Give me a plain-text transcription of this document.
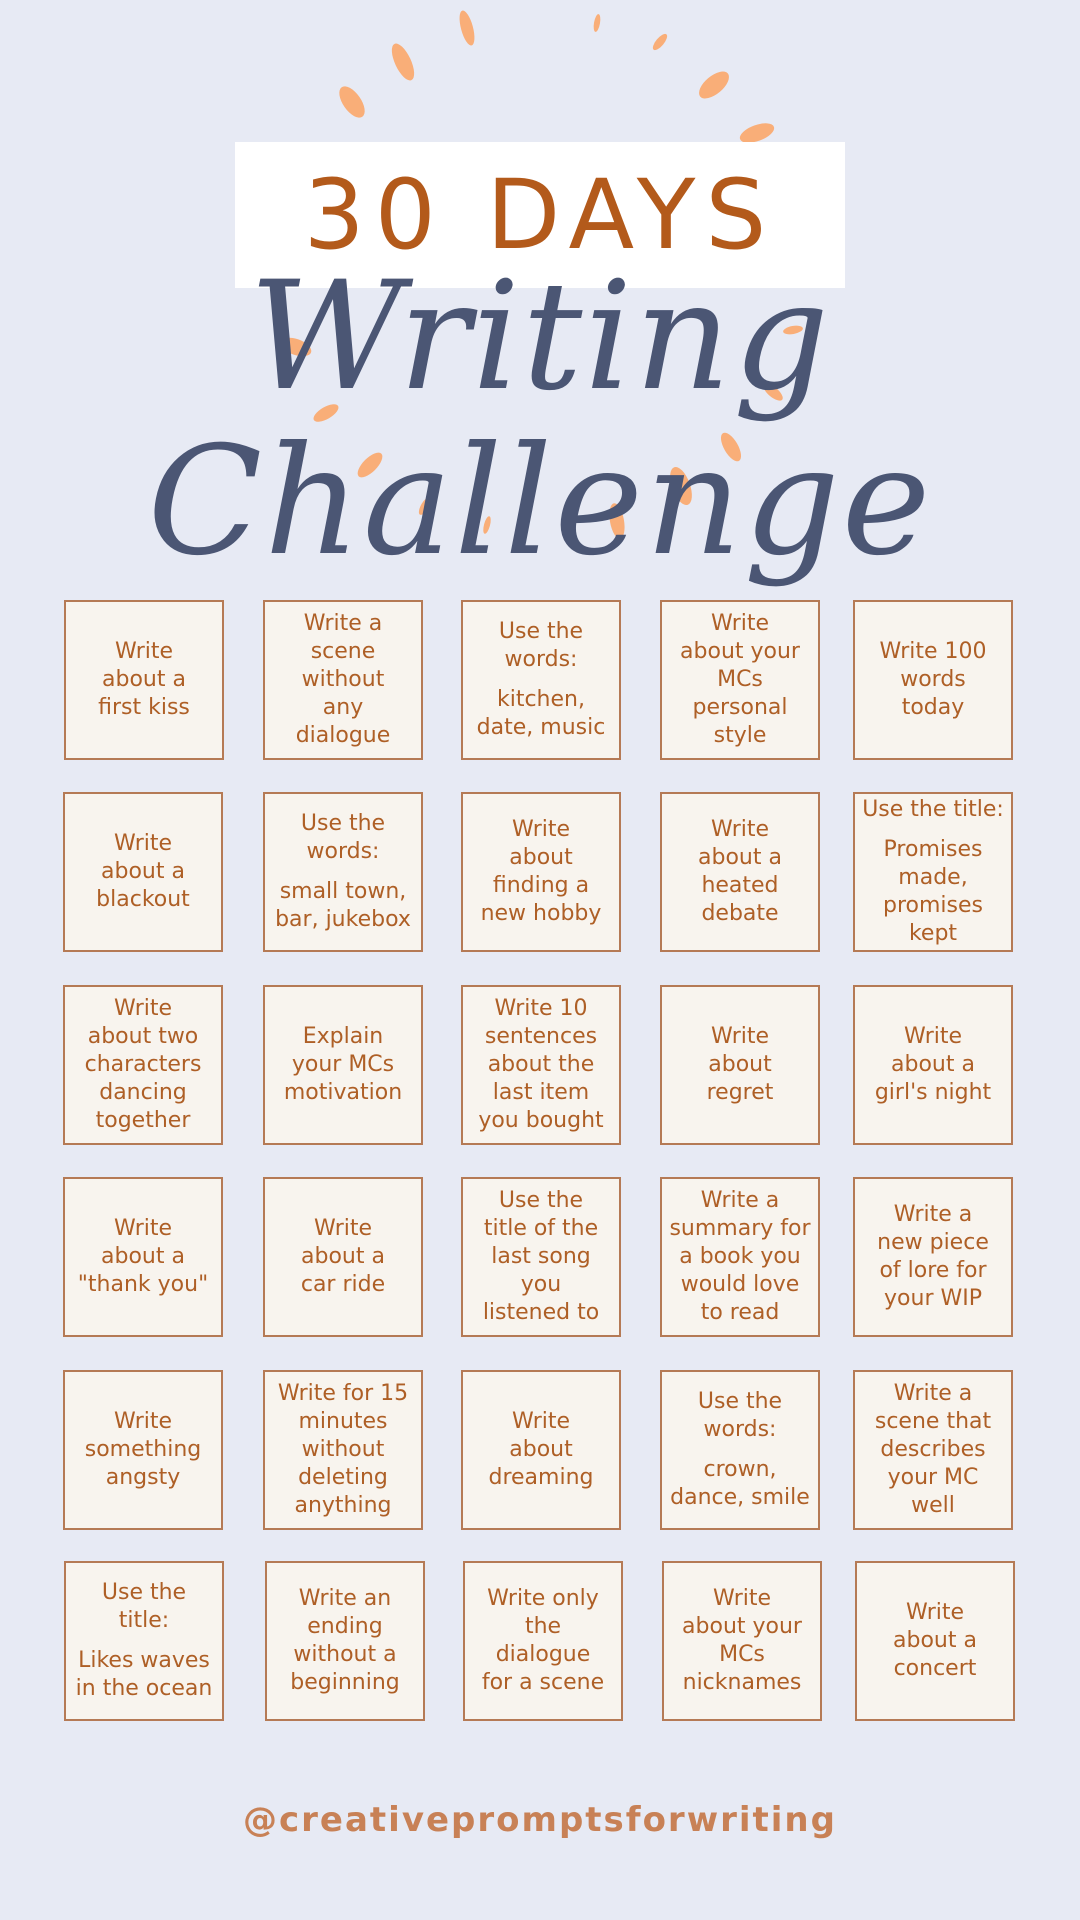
30 DAYS
Writing Challenge
Write
about a
first kiss
Write a
scene
without
any
dialogue
Use the
words:
kitchen,
date, music
Write
about your
MCs
personal
style
Write 100
words
today
Write
about a
blackout
Use the
words:
small town,
bar, jukebox
Write
about
finding a
new hobby
Write
about a
heated
debate
Use the title:
Promises
made,
promises
kept
Write
about two
characters
dancing
together
Explain
your MCs
motivation
Write 10
sentences
about the
last item
you bought
Write
about
regret
Write
about a
girl's night
Write
about a
"thank you"
Write
about a
car ride
Use the
title of the
last song
you
listened to
Write a
summary for
a book you
would love
to read
Write a
new piece
of lore for
your WIP
Write
something
angsty
Write for 15
minutes
without
deleting
anything
Write
about
dreaming
Use the
words:
crown,
dance, smile
Write a
scene that
describes
your MC
well
Use the
title:
Likes waves
in the ocean
Write an
ending
without a
beginning
Write only
the
dialogue
for a scene
Write
about your
MCs
nicknames
Write
about a
concert
@creativepromptsforwriting
